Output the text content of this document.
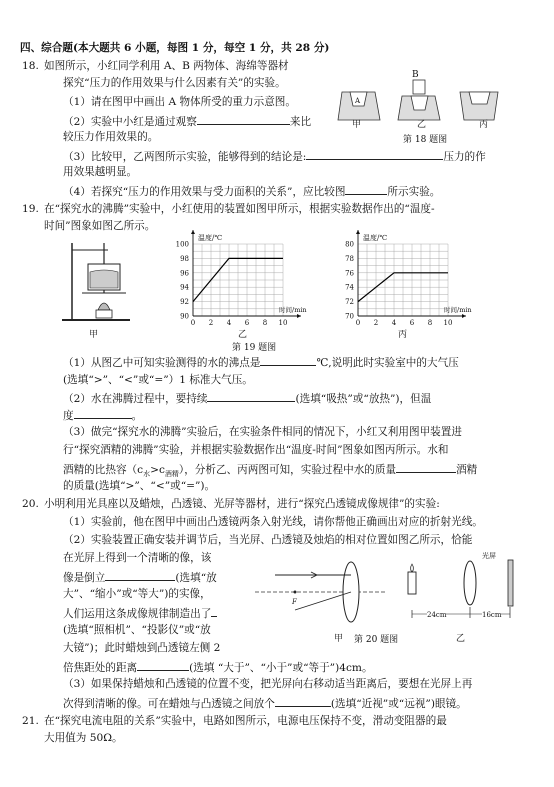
四、综合题(本大题共 6 小题，每图 1 分，每空 1 分，共 28 分)
18. 如图所示，小红同学利用 A、B 两物体、海绵等器材
探究“压力的作用效果与什么因素有关”的实验。
（1）请在图甲中画出 A 物体所受的重力示意图。
（2）实验中小红是通过观察	来比
较压力作用效果的。
（3）比较甲，乙两图所示实验，能够得到的结论是:	压力的作
用效果越明显。
（4）若探究“压力的作用效果与受力面积的关系”，应比较图	所示实验。
A
甲	乙	丙
B
第 18 题图
19. 在“探究水的沸腾”实验中，小红使用的装置如图甲所示，根据实验数据作出的“温度-
时间”图象如图乙所示。
甲
0 2 4 6 8 10
90
92
94
96
98
100
温度/℃
时间/min
0 2 4 6 8 10
70
72
74
76
78
80
温度/℃
时间/min
第 19 题图
（1）从图乙中可知实验测得的水的沸点是	℃,说明此时实验室中的大气压
(选填“>”、“<”或“=”）1 标准大气压。
（2）水在沸腾过程中，要持续	(选填“吸热”或“放热”)，但温
度	。
（3）做完“探究水的沸腾”实验后，在实验条件相同的情况下，小红又利用图甲装置进
行“探究酒精的沸腾”实验，并根据实验数据作出“温度-时间”图象如图丙所示。水和
酒精的比热容$(c_水>c_{酒精})$，分析乙、丙两图可知，实验过程中水的质量	酒精
的质量(选填“>”、“<”或“=”)。
20. 小明利用光具座以及蜡烛，凸透镜、光屏等器材，进行“探究凸透镜成像规律”的实验:
（1）实验前，他在图甲中画出凸透镜两条入射光线，请你帮他正确画出对应的折射光线。
（2）实验装置正确安装并调节后，当光屏、凸透镜及烛焰的相对位置如图乙所示，恰能
在光屏上得到一个清晰的像，该
像是倒立	(选填“放
大”、“缩小”或“等大”)的实像，
人们运用这条成像规律制造出了
(选填“照相机”、“投影仪”或“放
大镜”)；此时蜡烛到凸透镜左侧 2
倍焦距处的距离	(选填 “大于”、“小于”或“等于”)4cm。
（3）如果保持蜡烛和凸透镜的位置不变，把光屏向右移动适当距离后，要想在光屏上再
次得到清晰的像。可在蜡烛与凸透镜之间放个	(选填“近视”或“远视”)眼镜。
F
甲 第 20 题图
光屏
24cm	16cm
乙
21. 在“探究电流电阻的关系”实验中，电路如图所示，电源电压保持不变，滑动变阻器的最
大用值为 50Ω。
乙	丙
